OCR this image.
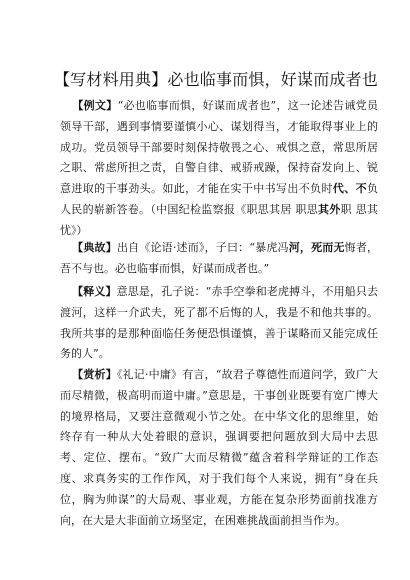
【写材料用典】必也临事而惧，好谋而成者也
【例文】“必也临事而惧，好谋而成者也”，这一论述告诫党员领导干部，遇到事情要谨慎小心、谋划得当，才能取得事业上的成功。党员领导干部要时刻保持敬畏之心、戒惧之意，常思所居之职、常虑所担之责，自警自律、戒骄戒躁，保持奋发向上、锐意进取的干事劲头。如此，才能在实干中书写出不负时代、不负人民的崭新答卷。（中国纪检监察报《职思其居 职思其外职 思其忧》）
【典故】出自《论语·述而》，子曰：“暴虎冯河，死而无悔者，吾不与也。必也临事而惧，好谋而成者也。”
【释义】意思是，孔子说：“赤手空拳和老虎搏斗，不用船只去渡河，这样一介武夫，死了都不后悔的人，我是不和他共事的。我所共事的是那种面临任务便恐惧谨慎，善于谋略而又能完成任务的人”。
【赏析】《礼记·中庸》有言，“故君子尊德性而道问学，致广大而尽精微，极高明而道中庸。”意思是，干事创业既要有宽广博大的境界格局，又要注意微观小节之处。在中华文化的思维里，始终存有一种从大处着眼的意识，强调要把问题放到大局中去思考、定位、摆布。“致广大而尽精微”蕴含着科学辩证的工作态度、求真务实的工作作风，对于我们每个人来说，拥有“身在兵位，胸为帅谋”的大局观、事业观，方能在复杂形势面前找准方向，在大是大非面前立场坚定，在困难挑战面前担当作为。
